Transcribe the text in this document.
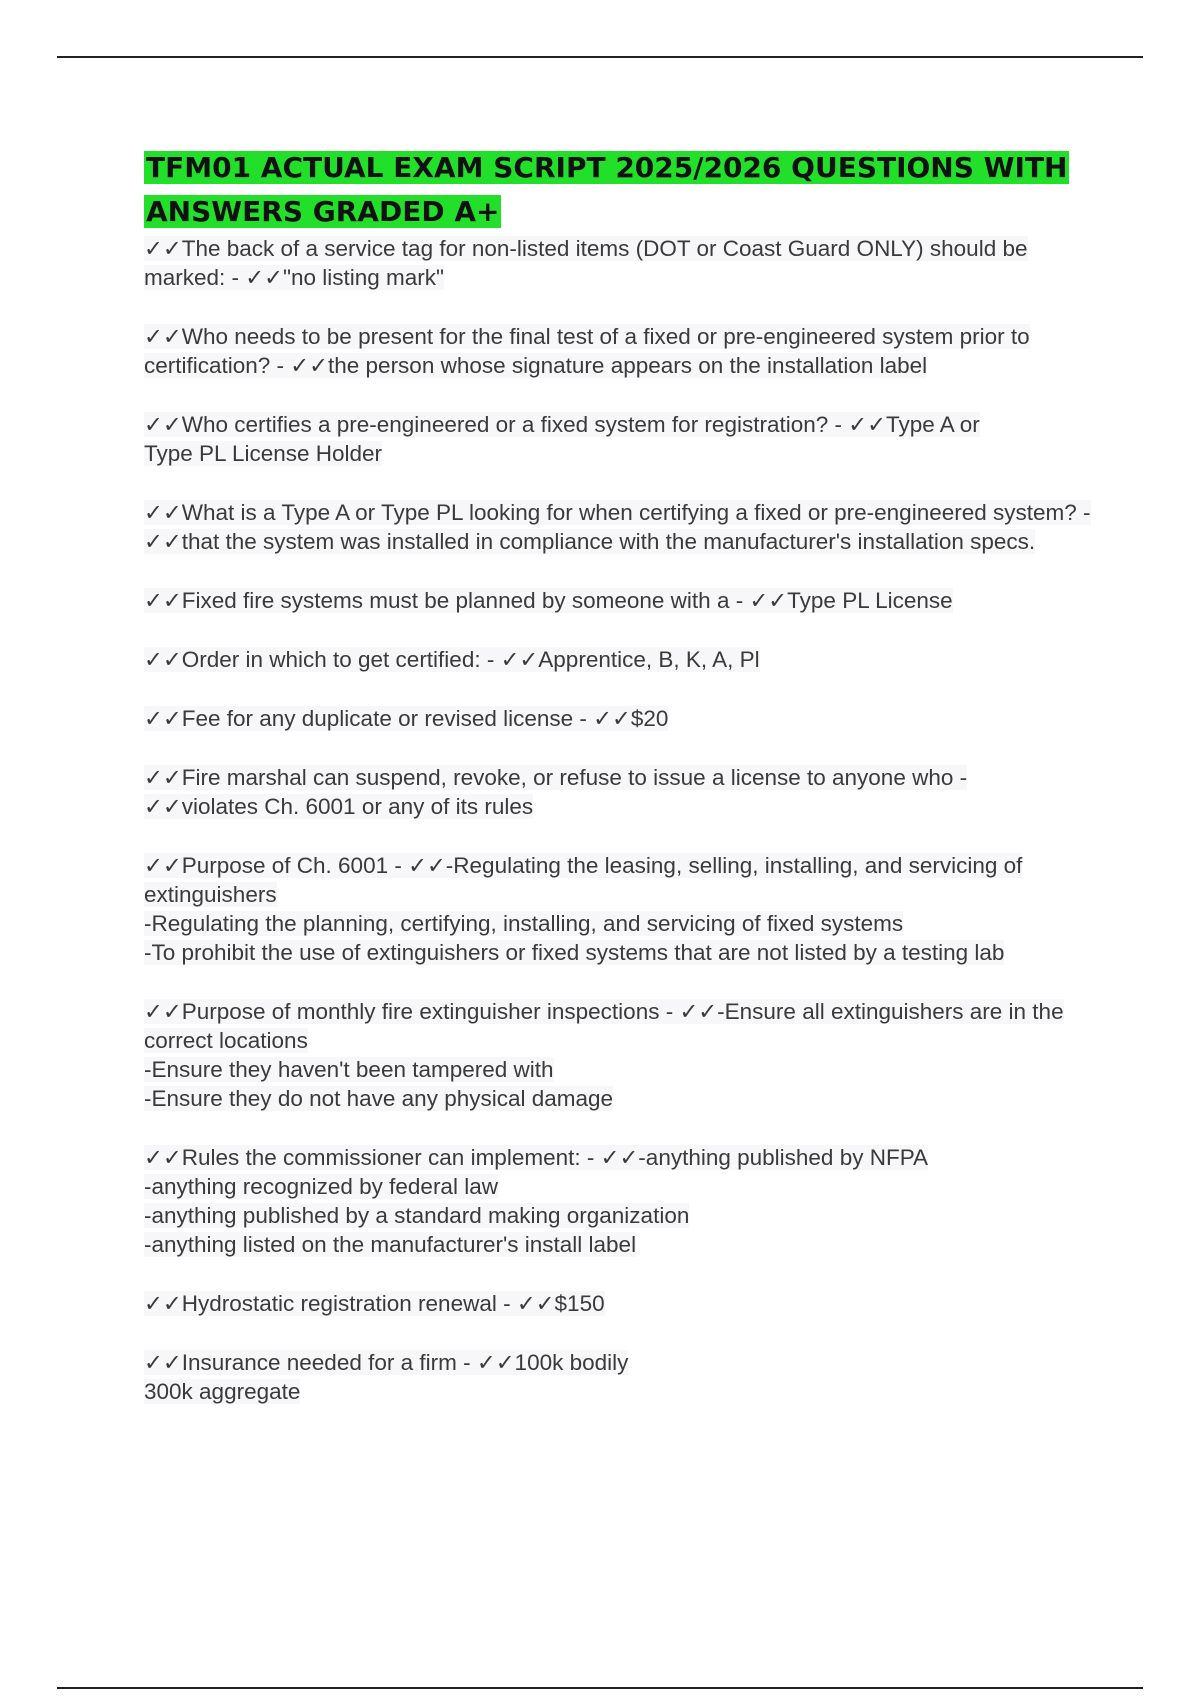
TFM01 ACTUAL EXAM SCRIPT 2025/2026 QUESTIONS WITH ANSWERS GRADED A+

✓✓The back of a service tag for non-listed items (DOT or Coast Guard ONLY) should be marked: - ✓✓"no listing mark"

✓✓Who needs to be present for the final test of a fixed or pre-engineered system prior to certification? - ✓✓the person whose signature appears on the installation label

✓✓Who certifies a pre-engineered or a fixed system for registration? - ✓✓Type A or
Type PL License Holder

✓✓What is a Type A or Type PL looking for when certifying a fixed or pre-engineered system? - ✓✓that the system was installed in compliance with the manufacturer's installation specs.

✓✓Fixed fire systems must be planned by someone with a - ✓✓Type PL License

✓✓Order in which to get certified: - ✓✓Apprentice, B, K, A, Pl

✓✓Fee for any duplicate or revised license - ✓✓$20

✓✓Fire marshal can suspend, revoke, or refuse to issue a license to anyone who -
✓✓violates Ch. 6001 or any of its rules

✓✓Purpose of Ch. 6001 - ✓✓-Regulating the leasing, selling, installing, and servicing of extinguishers
-Regulating the planning, certifying, installing, and servicing of fixed systems
-To prohibit the use of extinguishers or fixed systems that are not listed by a testing lab

✓✓Purpose of monthly fire extinguisher inspections - ✓✓-Ensure all extinguishers are in the correct locations
-Ensure they haven't been tampered with
-Ensure they do not have any physical damage

✓✓Rules the commissioner can implement: - ✓✓-anything published by NFPA
-anything recognized by federal law
-anything published by a standard making organization
-anything listed on the manufacturer's install label

✓✓Hydrostatic registration renewal - ✓✓$150

✓✓Insurance needed for a firm - ✓✓100k bodily
300k aggregate
